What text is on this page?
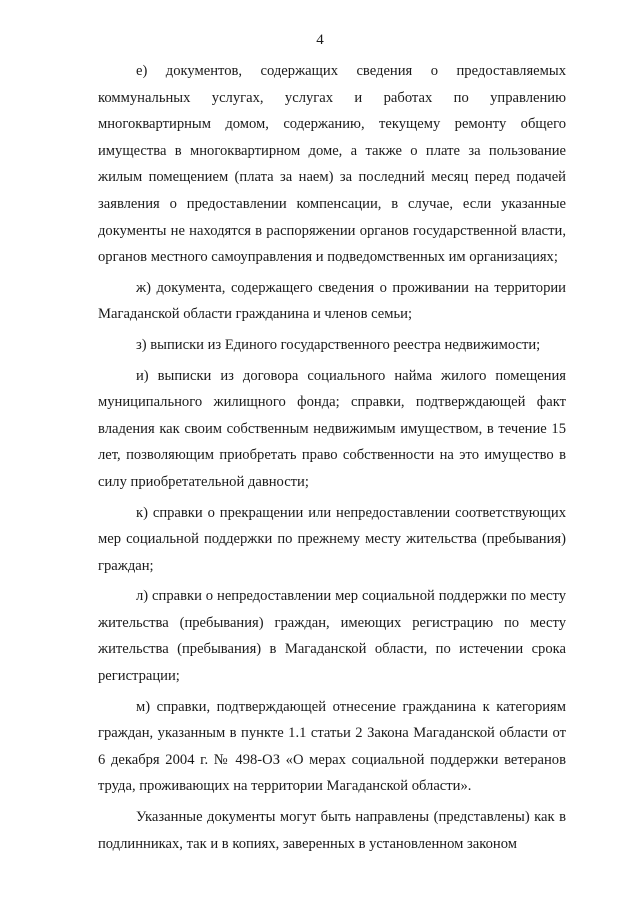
4

е) документов, содержащих сведения о предоставляемых коммунальных услугах, услугах и работах по управлению многоквартирным домом, содержанию, текущему ремонту общего имущества в многоквартирном доме, а также о плате за пользование жилым помещением (плата за наем) за последний месяц перед подачей заявления о предоставлении компенсации, в случае, если указанные документы не находятся в распоряжении органов государственной власти, органов местного самоуправления и подведомственных им организациях;

ж) документа, содержащего сведения о проживании на территории Магаданской области гражданина и членов семьи;

з) выписки из Единого государственного реестра недвижимости;

и) выписки из договора социального найма жилого помещения муниципального жилищного фонда; справки, подтверждающей факт владения как своим собственным недвижимым имуществом, в течение 15 лет, позволяющим приобретать право собственности на это имущество в силу приобретательной давности;

к) справки о прекращении или непредоставлении соответствующих мер социальной поддержки по прежнему месту жительства (пребывания) граждан;

л) справки о непредоставлении мер социальной поддержки по месту жительства (пребывания) граждан, имеющих регистрацию по месту жительства (пребывания) в Магаданской области, по истечении срока регистрации;

м) справки, подтверждающей отнесение гражданина к категориям граждан, указанным в пункте 1.1 статьи 2 Закона Магаданской области от 6 декабря 2004 г. № 498-ОЗ «О мерах социальной поддержки ветеранов труда, проживающих на территории Магаданской области».

Указанные документы могут быть направлены (представлены) как в подлинниках, так и в копиях, заверенных в установленном законом
